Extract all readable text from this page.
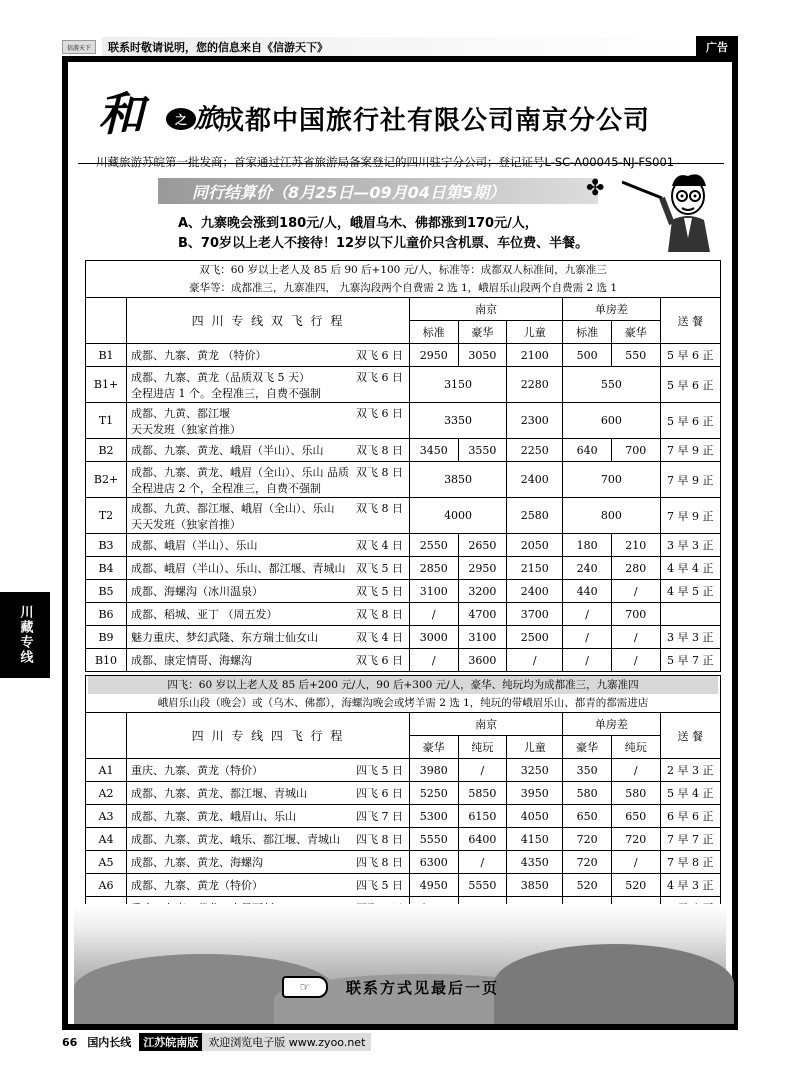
信游天下	联系时敬请说明，您的信息来自《信游天下》	广告
川藏专线
和	之 旅
成都中国旅行社有限公司南京分公司
川藏旅游苏皖第一批发商；首家通过江苏省旅游局备案登记的四川驻宁分公司；登记证号L-SC-A00045-NJ-FS001
同行结算价（8月25日—09月04日第5期）	✤
A、九寨晚会涨到180元/人，峨眉乌木、佛都涨到170元/人，
B、70岁以上老人不接待！12岁以下儿童价只含机票、车位费、半餐。
双飞：60 岁以上老人及 85 后 90 后+100 元/人，标准等：成都双人标准间，九寨准三
豪华等：成都准三，九寨准四， 九寨沟段两个自费需 2 选 1，峨眉乐山段两个自费需 2 选 1							

	四 川 专 线 双 飞 行 程	南京			单房差		送 餐
		标准	豪华	儿童	标准	豪华	
B1	成都、九寨、黄龙 （特价） 双飞 6 日	2950	3050	2100	500	550	5 早 6 正
B1+	成都、九寨、黄龙（品质双飞 5 天） 双飞 6 日
全程进店 1 个。全程准三，自费不强制	3150		2280	550		5 早 6 正
T1	成都、九黄、都江堰 双飞 6 日
天天发班（独家首推）	3350		2300	600		5 早 6 正
B2	成都、九寨、黄龙、峨眉（半山）、乐山 双飞 8 日	3450	3550	2250	640	700	7 早 9 正
B2+	成都、九寨、黄龙、峨眉（全山）、乐山 品质 双飞 8 日
全程进店 2 个，全程准三，自费不强制	3850		2400	700		7 早 9 正
T2	成都、九黄、都江堰、峨眉（全山）、乐山 双飞 8 日
天天发班（独家首推）	4000		2580	800		7 早 9 正
B3	成都、峨眉（半山）、乐山 双飞 4 日	2550	2650	2050	180	210	3 早 3 正
B4	成都、峨眉（半山）、乐山、都江堰、青城山 双飞 5 日	2850	2950	2150	240	280	4 早 4 正
B5	成都、海螺沟（冰川温泉） 双飞 5 日	3100	3200	2400	440	/	4 早 5 正
B6	成都、稻城、亚丁 （周五发） 双飞 8 日	/	4700	3700	/	700	
B9	魅力重庆、梦幻武隆、东方瑞士仙女山 双飞 4 日	3000	3100	2500	/	/	3 早 3 正
B10	成都、康定情哥、海螺沟 双飞 6 日	/	3600	/	/	/	5 早 7 正

四飞：60 岁以上老人及 85 后+200 元/人，90 后+300 元/人，豪华、纯玩均为成都准三，九寨准四
峨眉乐山段（晚会）或（乌木、佛都），海螺沟晚会或烤羊需 2 选 1，纯玩的带峨眉乐山、都青的都需进店							

	四 川 专 线 四 飞 行 程	南京			单房差		送 餐
		豪华	纯玩	儿童	豪华	纯玩	
A1	重庆、九寨、黄龙（特价） 四飞 5 日	3980	/	3250	350	/	2 早 3 正
A2	成都、九寨、黄龙、都江堰、青城山 四飞 6 日	5250	5850	3950	580	580	5 早 4 正
A3	成都、九寨、黄龙、峨眉山、乐山 四飞 7 日	5300	6150	4050	650	650	6 早 6 正
A4	成都、九寨、黄龙、峨乐、都江堰、青城山 四飞 8 日	5550	6400	4150	720	720	7 早 7 正
A5	成都、九寨、黄龙、海螺沟 四飞 8 日	6300	/	4350	720	/	7 早 8 正
A6	成都、九寨、黄龙（特价） 四飞 5 日	4950	5550	3850	520	520	4 早 3 正

☞	联系方式见最后一页
66 国内长线	江苏皖南版 欢迎浏览电子版 www.zyoo.net
